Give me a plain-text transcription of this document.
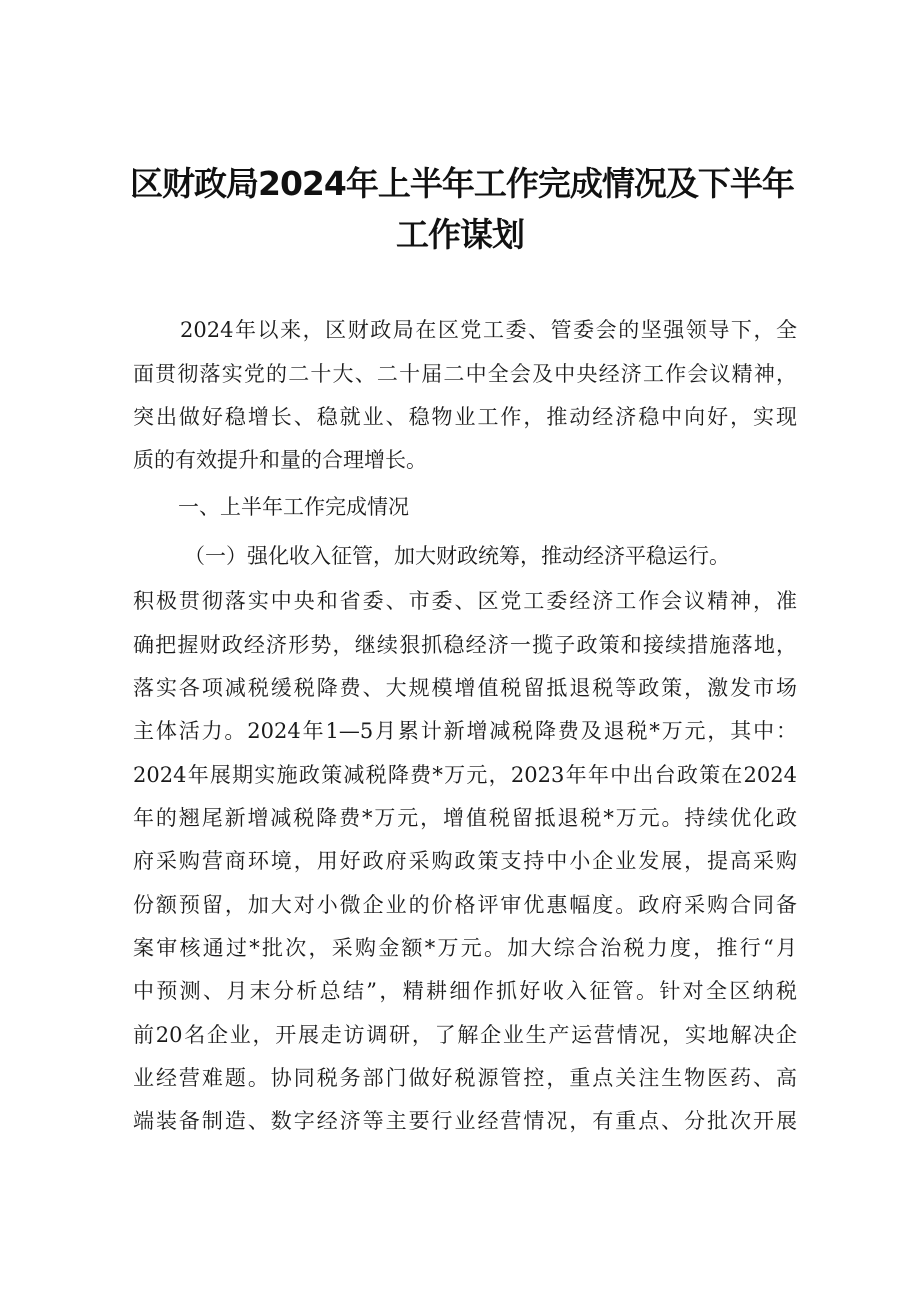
区财政局2024年上半年工作完成情况及下半年
工作谋划
2024年以来，区财政局在区党工委、管委会的坚强领导下，全
面贯彻落实党的二十大、二十届二中全会及中央经济工作会议精神，
突出做好稳增长、稳就业、稳物业工作，推动经济稳中向好，实现
质的有效提升和量的合理增长。
一、上半年工作完成情况
（一）强化收入征管，加大财政统筹，推动经济平稳运行。
积极贯彻落实中央和省委、市委、区党工委经济工作会议精神，准
确把握财政经济形势，继续狠抓稳经济一揽子政策和接续措施落地，
落实各项减税缓税降费、大规模增值税留抵退税等政策，激发市场
主体活力。2024年1—5月累计新增减税降费及退税*万元，其中：
2024年展期实施政策减税降费*万元，2023年年中出台政策在2024
年的翘尾新增减税降费*万元，增值税留抵退税*万元。持续优化政
府采购营商环境，用好政府采购政策支持中小企业发展，提高采购
份额预留，加大对小微企业的价格评审优惠幅度。政府采购合同备
案审核通过*批次，采购金额*万元。加大综合治税力度，推行“月
中预测、月末分析总结”，精耕细作抓好收入征管。针对全区纳税
前20名企业，开展走访调研，了解企业生产运营情况，实地解决企
业经营难题。协同税务部门做好税源管控，重点关注生物医药、高
端装备制造、数字经济等主要行业经营情况，有重点、分批次开展
